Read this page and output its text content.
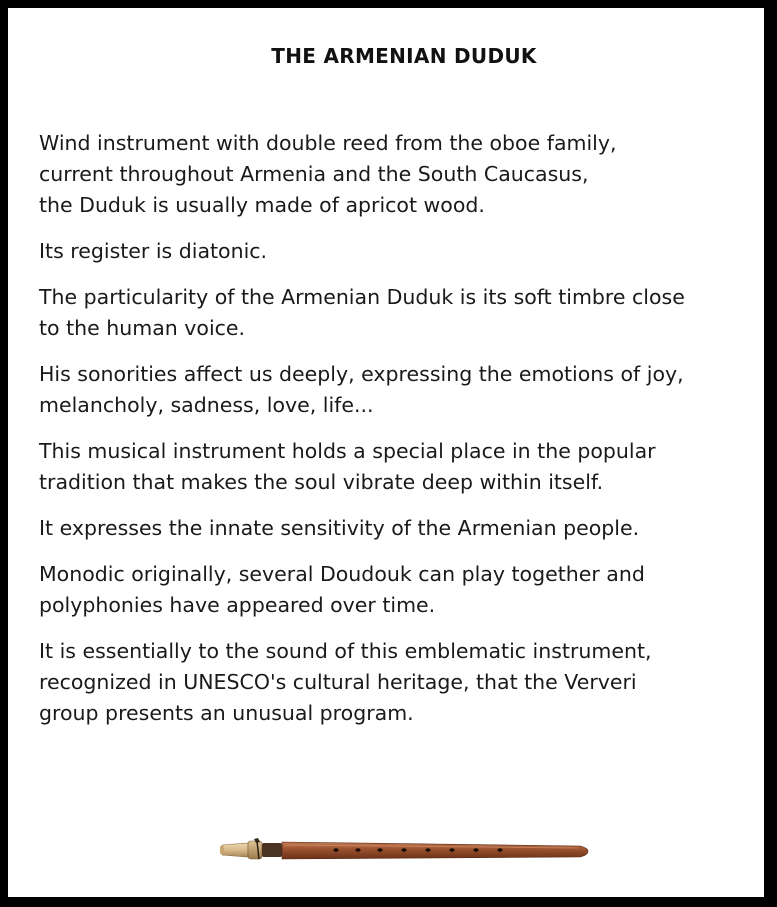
THE ARMENIAN DUDUK

Wind instrument with double reed from the oboe family,
current throughout Armenia and the South Caucasus,
the Duduk is usually made of apricot wood.

Its register is diatonic.

The particularity of the Armenian Duduk is its soft timbre close
to the human voice.

His sonorities affect us deeply, expressing the emotions of joy,
melancholy, sadness, love, life...

This musical instrument holds a special place in the popular
tradition that makes the soul vibrate deep within itself.

It expresses the innate sensitivity of the Armenian people.

Monodic originally, several Doudouk can play together and
polyphonies have appeared over time.

It is essentially to the sound of this emblematic instrument,
recognized in UNESCO's cultural heritage, that the Ververi
group presents an unusual program.
